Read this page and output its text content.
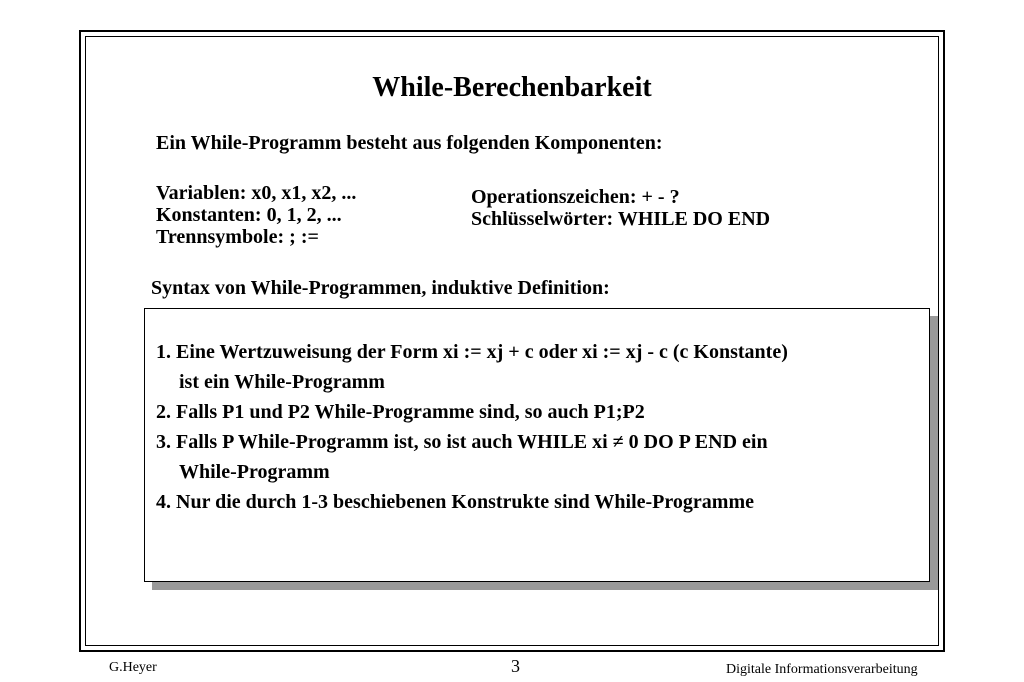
While-Berechenbarkeit
Ein While-Programm besteht aus folgenden Komponenten:
Variablen: x0, x1, x2, ...
Konstanten: 0, 1, 2, ...
Trennsymbole: ; :=
Operationszeichen: + - ?
Schlüsselwörter: WHILE DO END
Syntax von While-Programmen, induktive Definition:
1. Eine Wertzuweisung der Form xi := xj + c oder xi := xj - c (c Konstante)
ist ein While-Programm
2. Falls P1 und P2 While-Programme sind, so auch P1;P2
3. Falls P While-Programm ist, so ist auch WHILE xi ≠ 0 DO P END ein
While-Programm
4. Nur die durch 1-3 beschiebenen Konstrukte sind While-Programme
G.Heyer	3	Digitale Informationsverarbeitung
